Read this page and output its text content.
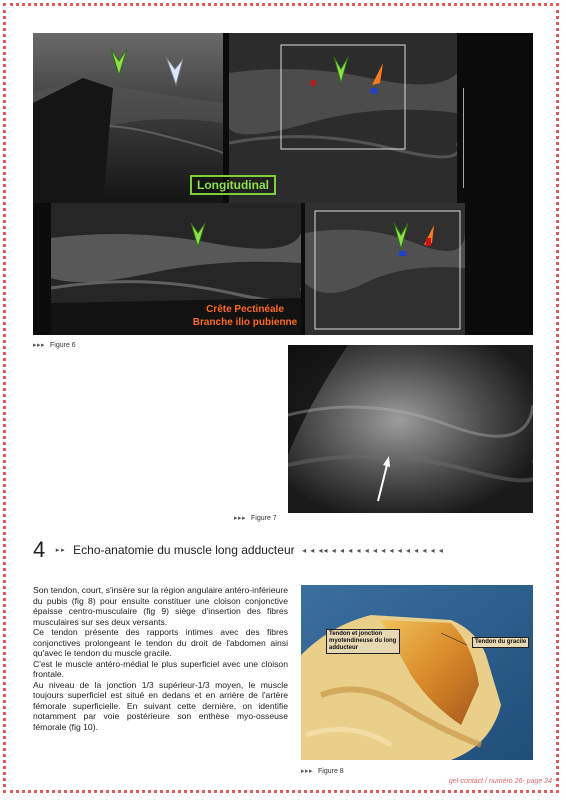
Longitudinal
Crête Pectinéale
Branche ilio pubienne
▸▸▸ Figure 6
▸▸▸ Figure 7
4 ▸ ▸ Echo-anatomie du muscle long adducteur ◂ ◂ ◂◂ ◂ ◂ ◂ ◂ ◂ ◂ ◂ ◂ ◂ ◂ ◂ ◂ ◂ ◂

Son tendon, court, s'insère sur la région angulaire antéro-inférieure du pubis (fig 8) pour ensuite constituer une cloison conjonctive épaisse centro-musculaire (fig 9) siège d'insertion des fibres musculaires sur ses deux versants.

Ce tendon présente des rapports intimes avec des fibres conjonctives prolongeant le tendon du droit de l'abdomen ainsi qu'avec le tendon du muscle gracile.

C'est le muscle antéro-médial le plus superficiel avec une cloison frontale.

Au niveau de la jonction 1/3 supérieur-1/3 moyen, le muscle toujours superficiel est situé en dedans et en arrière de l'artère fémorale superficielle. En suivant cette dernière, on identifie notamment par voie postérieure son enthèse myo-osseuse fémorale (fig 10).

Tendon et jonction myotendineuse du long adducteur
Tendon du gracile
▸▸▸ Figure 8
gel-contact / numéro 26- page 24
